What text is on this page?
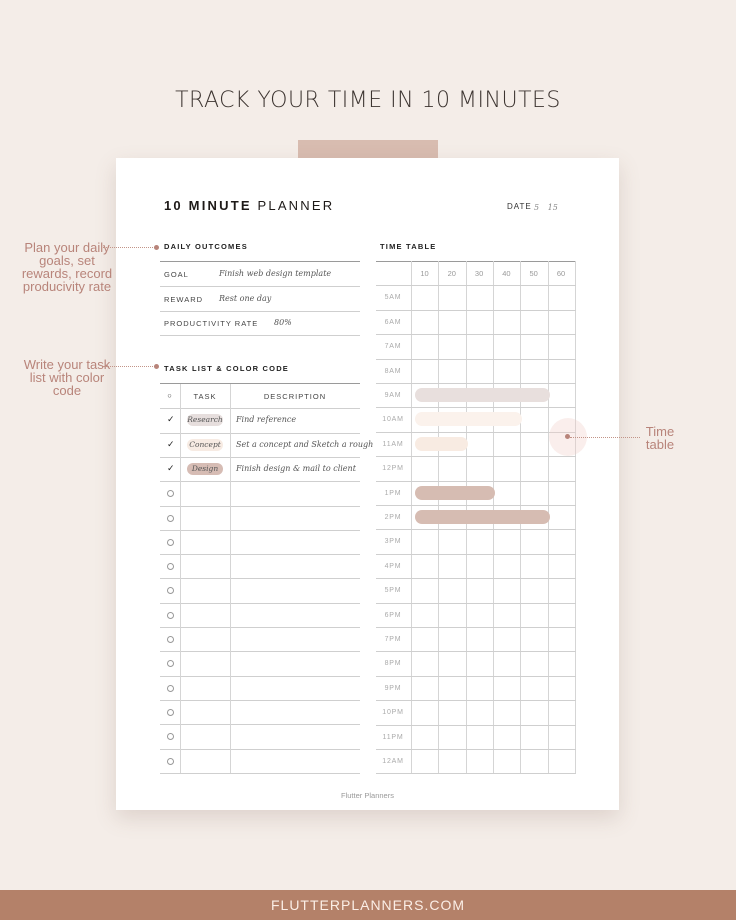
TRACK YOUR TIME IN 10 MINUTES
10 MINUTE PLANNER	DATE 5 15
DAILY OUTCOMES
GOAL	Finish web design template
REWARD Rest one day
PRODUCTIVITY RATE 80%
TASK LIST & COLOR CODE
○	TASK	DESCRIPTION
✓ Research Find reference
✓ Concept Set a concept and Sketch a rough
✓	Design	Finish design & mail to client
TIME TABLE
10	20	30	40	50	60
5AM
6AM
7AM
8AM
9AM
10AM
11AM
12PM
1PM
2PM
3PM
4PM
5PM
6PM
7PM
8PM
9PM
10PM
11PM
12AM
Flutter Planners
Plan your daily goals, set rewards, record producivity rate
Write your task list with color code
Time table
FLUTTERPLANNERS.COM
